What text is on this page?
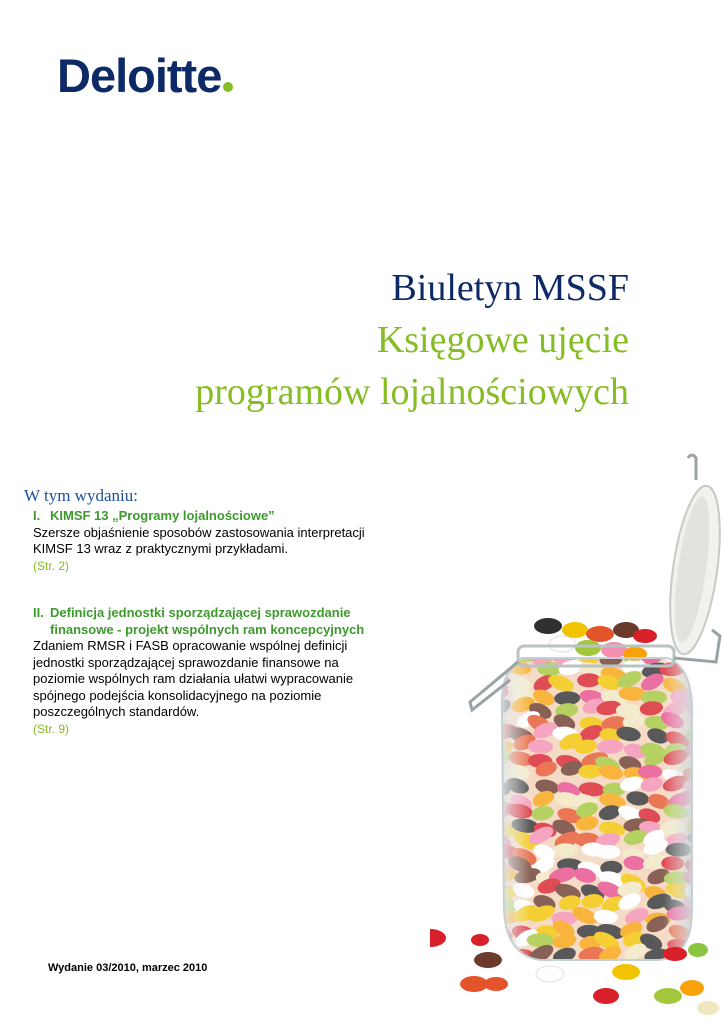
Deloitte
Biuletyn MSSF
Księgowe ujęcie
programów lojalnościowych
W tym wydaniu:
I. KIMSF 13 „Programy lojalnościowe”
Szersze objaśnienie sposobów zastosowania interpretacji
KIMSF 13 wraz z praktycznymi przykładami.
(Str. 2)
II. Definicja jednostki sporządzającej sprawozdanie
finansowe - projekt wspólnych ram koncepcyjnych
Zdaniem RMSR i FASB opracowanie wspólnej definicji
jednostki sporządzającej sprawozdanie finansowe na
poziomie wspólnych ram działania ułatwi wypracowanie
spójnego podejścia konsolidacyjnego na poziomie
poszczególnych standardów.
(Str. 9)
Wydanie 03/2010, marzec 2010
